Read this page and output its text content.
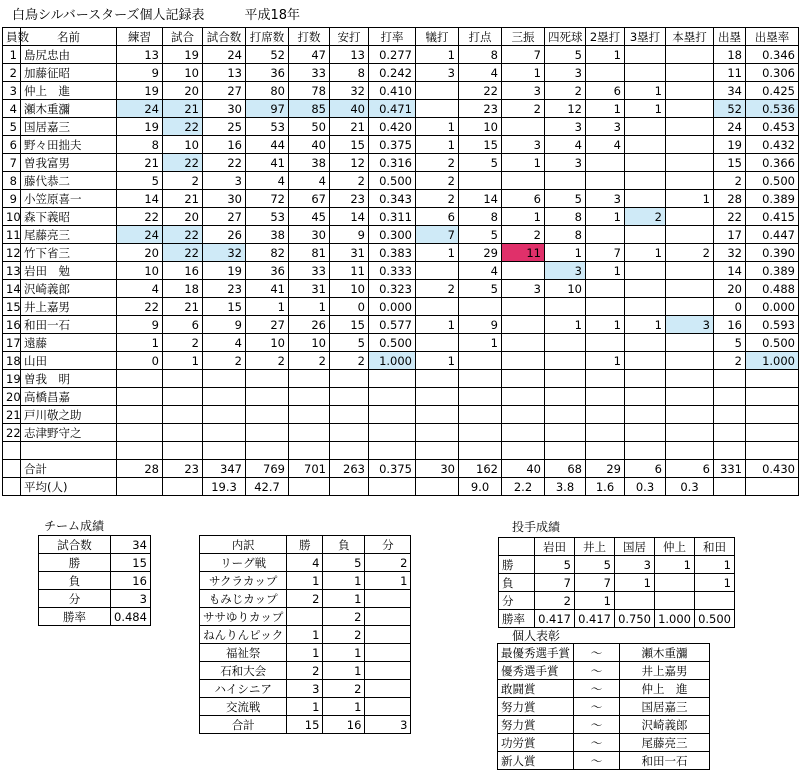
白鳥シルバースターズ個人記録表	平成18年
員数	名前	練習	試合	試合数	打席数	打数	安打	打率	犠打	打点	三振	四死球	2塁打	3塁打	本塁打	出塁	出塁率
1	島尻忠由	13	19	24	52	47	13	0.277	1	8	7	5	1			18	0.346
2	加藤征昭	9	10	13	36	33	8	0.242	3	4	1	3				11	0.306
3	仲上　進	19	20	27	80	78	32	0.410		22	3	2	6	1		34	0.425
4	瀬木重瀰	24	21	30	97	85	40	0.471		23	2	12	1	1		52	0.536
5	国居嘉三	19	22	25	53	50	21	0.420	1	10		3	3			24	0.453
6	野々田拙夫	8	10	16	44	40	15	0.375	1	15	3	4	4			19	0.432
7	曽我富男	21	22	22	41	38	12	0.316	2	5	1	3				15	0.366
8	藤代恭二	5	2	3	4	4	2	0.500	2							2	0.500
9	小笠原喜一	14	21	30	72	67	23	0.343	2	14	6	5	3		1	28	0.389
10	森下義昭	22	20	27	53	45	14	0.311	6	8	1	8	1	2		22	0.415
11	尾藤亮三	24	22	26	38	30	9	0.300	7	5	2	8				17	0.447
12	竹下省三	20	22	32	82	81	31	0.383	1	29	11	1	7	1	2	32	0.390
13	岩田　勉	10	16	19	36	33	11	0.333		4		3	1			14	0.389
14	沢崎義郎	4	18	23	41	31	10	0.323	2	5	3	10				20	0.488
15	井上嘉男	22	21	15	1	1	0	0.000								0	0.000
16	和田一石	9	6	9	27	26	15	0.577	1	9		1	1	1	3	16	0.593
17	遠藤	1	2	4	10	10	5	0.500		1						5	0.500
18	山田	0	1	2	2	2	2	1.000	1				1			2	1.000
19	曽我　明																
20	高橋昌嘉																
21	戸川敬之助																
22	志津野守之																

	合計	28	23	347	769	701	263	0.375	30	162	40	68	29	6	6	331	0.430
	平均(人)			19.3	42.7					9.0	2.2	3.8	1.6	0.3	0.3		
チーム成績
試合数	34
勝	15
負	16
分	3
勝率	0.484
内訳	勝	負	分
リーグ戦	4	5	2
サクラカップ	1	1	1
もみじカップ	2	1	
ササゆりカップ		2	
ねんりんピック	1	2	
福祉祭	1	1	
石和大会	2	1	
ハイシニア	3	2	
交流戦	1	1	
合計	15	16	3
投手成績
	岩田	井上	国居	仲上	和田
勝	5	5	3	1	1
負	7	7	1		1
分	2	1			
勝率	0.417	0.417	0.750	1.000	0.500
個人表彰
最優秀選手賞	～	瀬木重瀰
優秀選手賞	～	井上嘉男
敢闘賞	～	仲上　進
努力賞	～	国居嘉三
努力賞	～	沢崎義郎
功労賞	～	尾藤亮三
新人賞	～	和田一石
